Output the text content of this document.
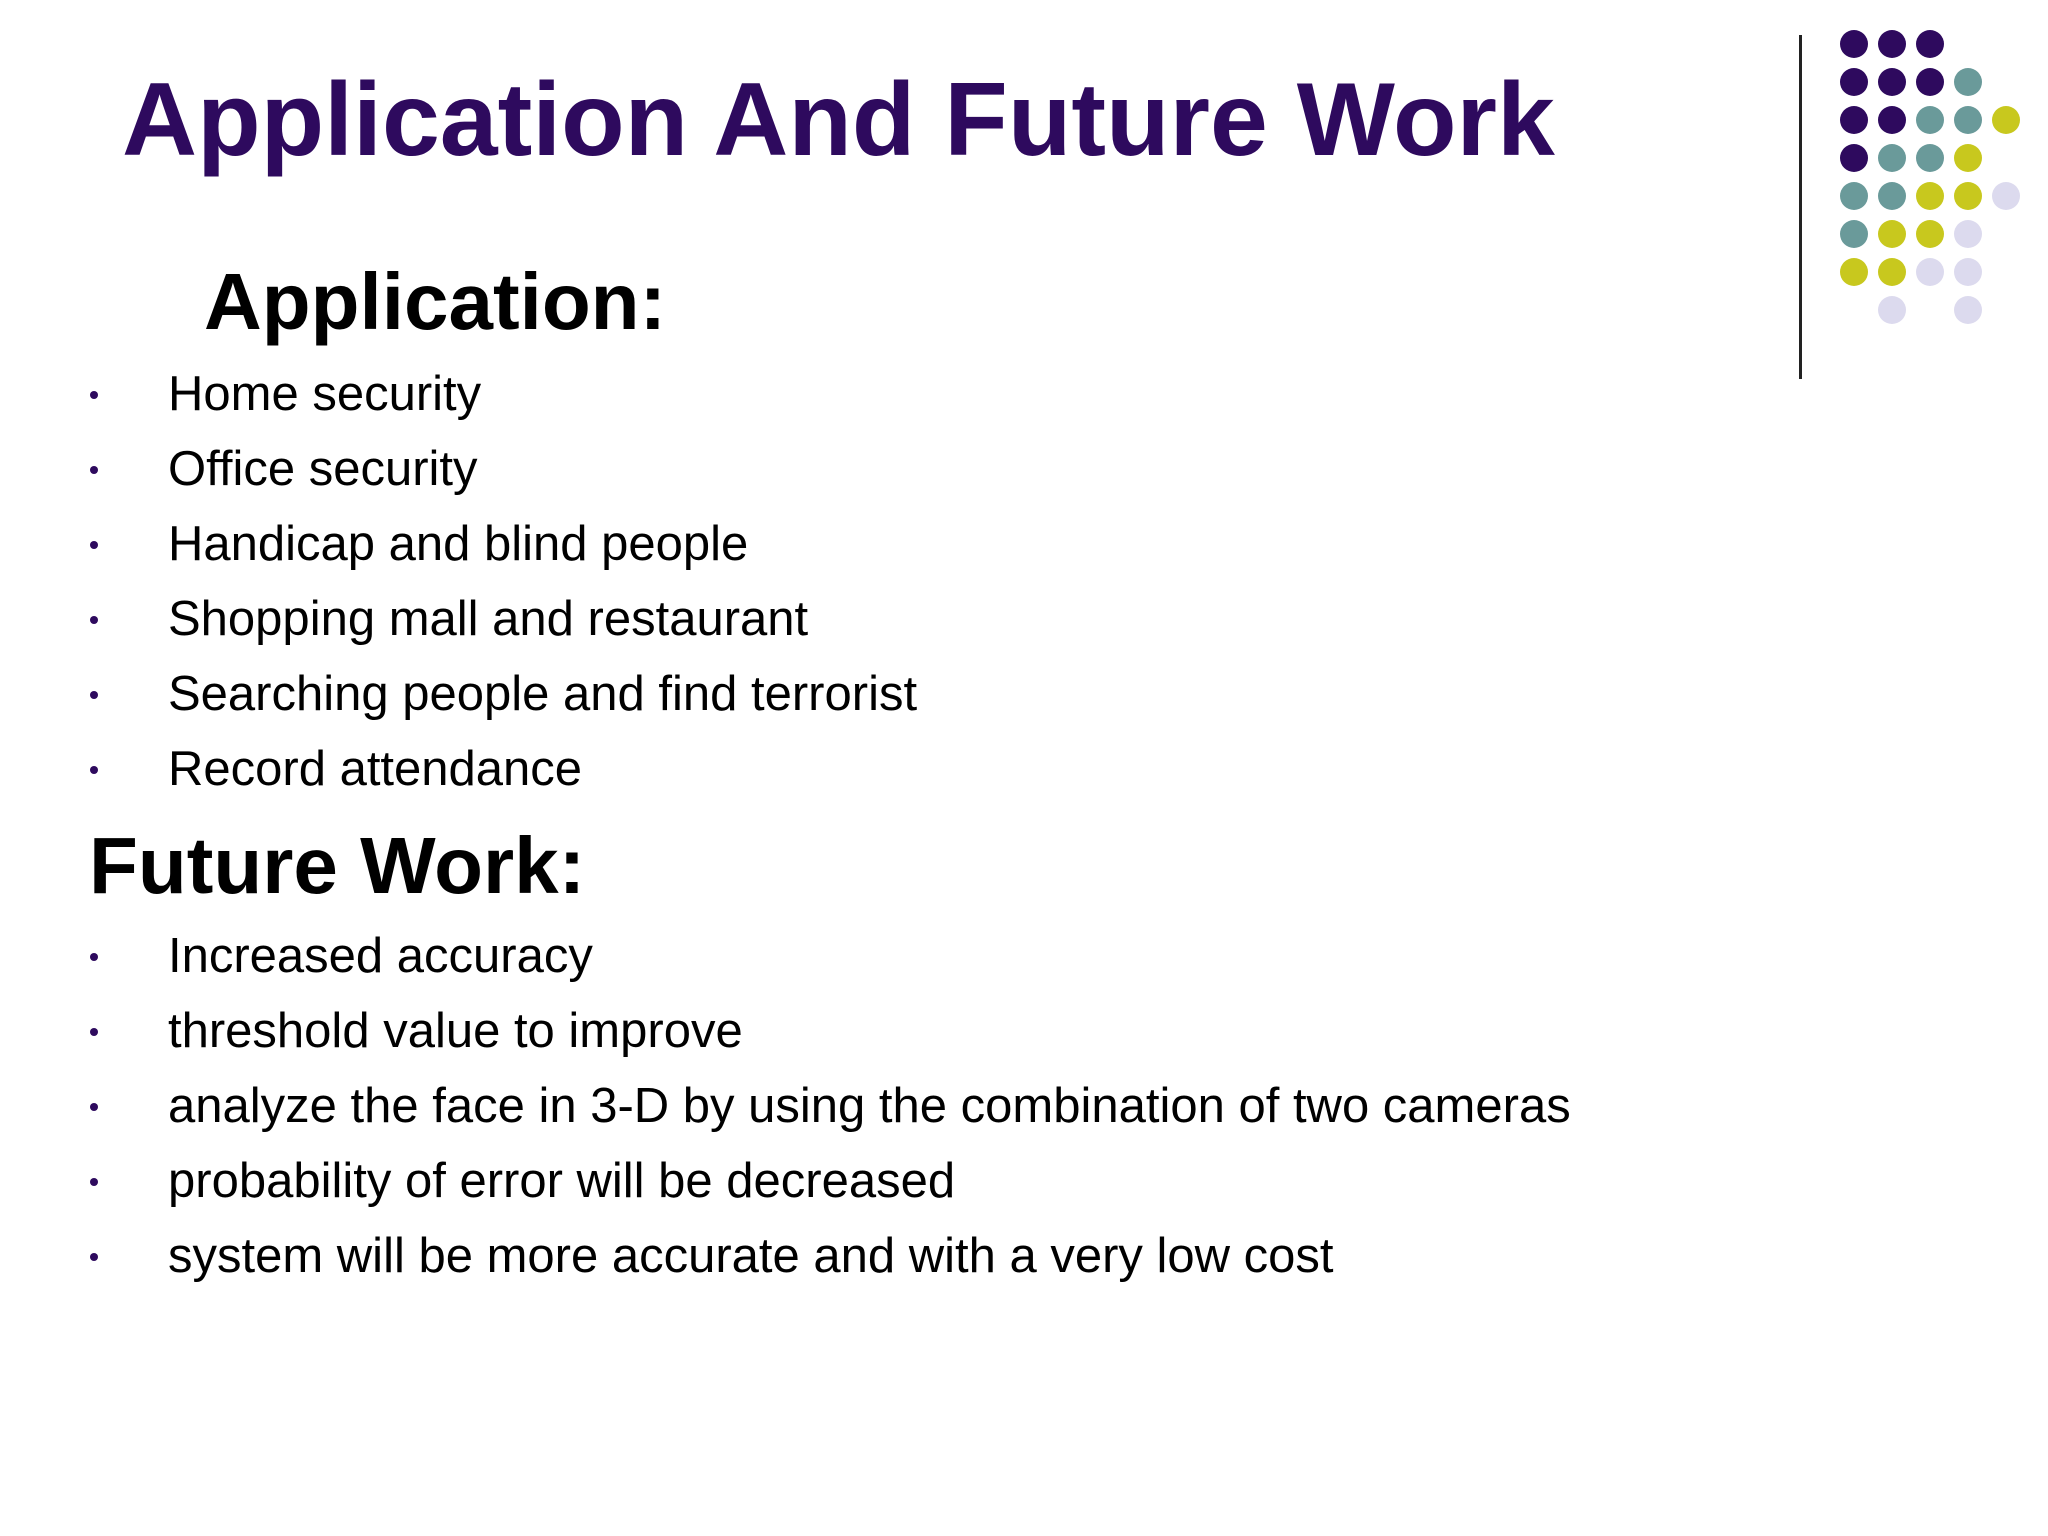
Application And Future Work
Application:
Home security
Office security
Handicap and blind people
Shopping mall and restaurant
Searching people and find terrorist
Record attendance
Future Work:
Increased accuracy
threshold value to improve
analyze the face in 3-D by using the combination of two cameras
probability of error will be decreased
system will be more accurate and with a very low cost
